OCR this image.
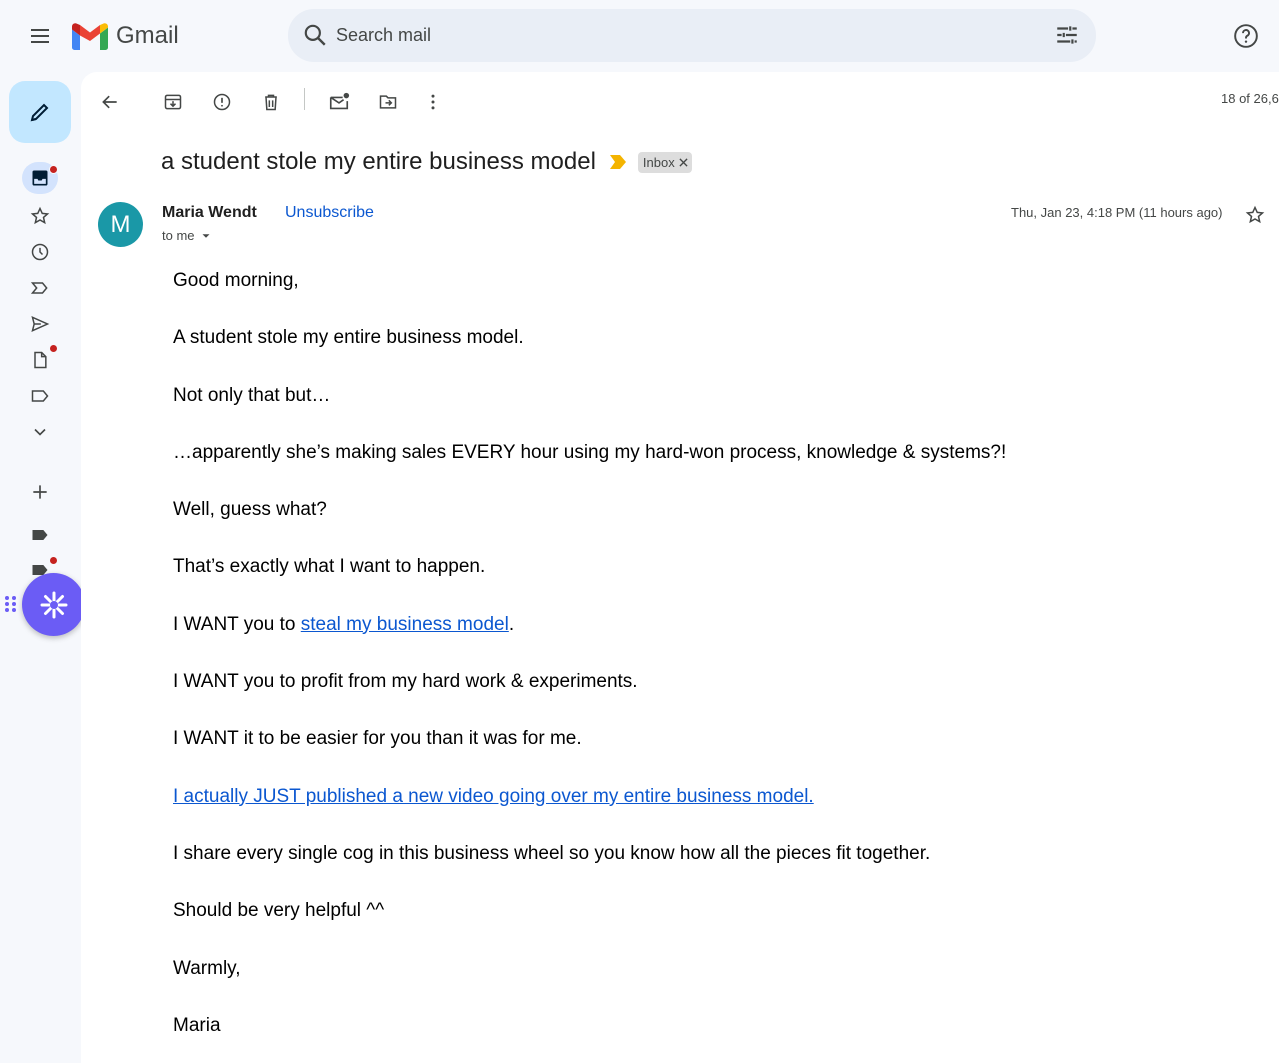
Gmail
Search mail
18 of 26,6
a student stole my entire business model	Inbox
M	Maria Wendt Unsubscribe
to me
Thu, Jan 23, 4:18 PM (11 hours ago)

Good morning,

A student stole my entire business model.

Not only that but…

…apparently she’s making sales EVERY hour using my hard-won process, knowledge & systems?!

Well, guess what?

That’s exactly what I want to happen.

I WANT you to steal my business model.

I WANT you to profit from my hard work & experiments.

I WANT it to be easier for you than it was for me.

I actually JUST published a new video going over my entire business model.

I share every single cog in this business wheel so you know how all the pieces fit together.

Should be very helpful ^^

Warmly,

Maria
